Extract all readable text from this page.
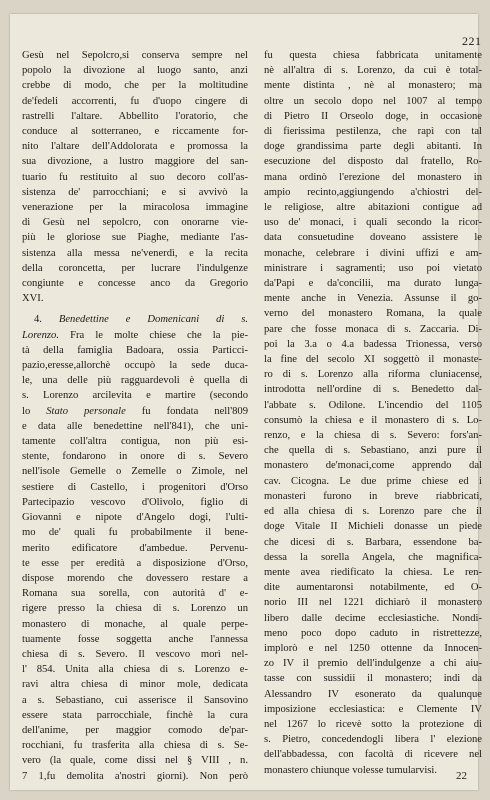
221
Gesù nel Sepolcro,si conserva sempre nel
popolo la divozione al luogo santo, anzi
crebbe di modo, che per la moltitudine
de'fedeli accorrenti, fu d'uopo cingere di
rastrelli l'altare. Abbellito l'oratorio, che
conduce al sotterraneo, e riccamente for-
nito l'altare dell'Addolorata e promossa la
sua divozione, a lustro maggiore del san-
tuario fu restituito al suo decoro coll'as-
sistenza de' parrocchiani; e si avvivò la
venerazione per la miracolosa immagine
di Gesù nel sepolcro, con onorarne vie-
più le gloriose sue Piaghe, mediante l'as-
sistenza alla messa ne'venerdì, e la recita
della coroncetta, per lucrare l'indulgenze
congiunte e concesse anco da Gregorio
XVI.
4. Benedettine e Domenicani di s.
Lorenzo. Fra le molte chiese che la pie-
tà della famiglia Badoara, ossia Particci-
pazio,eresse,allorchè occupò la sede duca-
le, una delle più ragguardevoli è quella di
s. Lorenzo arcilevita e martire (secondo
lo Stato personale fu fondata nell'809
e data alle benedettine nell'841), che uni-
tamente coll'altra contigua, non più esi-
stente, fondarono in onore di s. Severo
nell'isole Gemelle o Zemelle o Zimole, nel
sestiere di Castello, i progenitori d'Orso
Partecipazio vescovo d'Olivolo, figlio di
Giovanni e nipote d'Angelo dogi, l'ulti-
mo de' quali fu probabilmente il bene-
merito edificatore d'ambedue. Pervenu-
te esse per eredità a disposizione d'Orso,
dispose morendo che dovessero restare a
Romana sua sorella, con autorità d' e-
rigere presso la chiesa di s. Lorenzo un
monastero di monache, al quale perpe-
tuamente fosse soggetta anche l'annessa
chiesa di s. Severo. Il vescovo morì nel-
l' 854. Unita alla chiesa di s. Lorenzo e-
ravi altra chiesa di minor mole, dedicata
a s. Sebastiano, cui asserisce il Sansovino
essere stata parrocchiale, finchè la cura
dell'anime, per maggior comodo de'par-
rocchiani, fu trasferita alla chiesa di s. Se-
vero (la quale, come dissi nel § VIII , n.
7 1,fu demolita a'nostri giorni). Non però
fu questa chiesa fabbricata unitamente
nè all'altra di s. Lorenzo, da cui è total-
mente distinta , nè al monastero; ma
oltre un secolo dopo nel 1007 al tempo
di Pietro II Orseolo doge, in occasione
di fierissima pestilenza, che rapì con tal
doge grandissima parte degli abitanti. In
esecuzione del disposto dal fratello, Ro-
mana ordinò l'erezione del monastero in
ampio recinto,aggiungendo a'chiostri del-
le religiose, altre abitazioni contigue ad
uso de' monaci, i quali secondo la ricor-
data consuetudine doveano assistere le
monache, celebrare i divini uffizi e am-
ministrare i sagramenti; uso poi vietato
da'Papi e da'concilii, ma durato lunga-
mente anche in Venezia. Assunse il go-
verno del monastero Romana, la quale
pare che fosse monaca di s. Zaccaria. Di-
poi la 3.a o 4.a badessa Trionessa, verso
la fine del secolo XI soggettò il monaste-
ro di s. Lorenzo alla riforma cluniacense,
introdotta nell'ordine di s. Benedetto dal-
l'abbate s. Odilone. L'incendio del 1105
consumò la chiesa e il monastero di s. Lo-
renzo, e la chiesa di s. Severo: fors'an-
che quella di s. Sebastiano, anzi pure il
monastero de'monaci,come apprendo dal
cav. Cicogna. Le due prime chiese ed i
monasteri furono in breve riabbricati,
ed alla chiesa di s. Lorenzo pare che il
doge Vitale II Michieli donasse un piede
che dicesi di s. Barbara, essendone ba-
dessa la sorella Angela, che magnifica-
mente avea riedificato la chiesa. Le ren-
dite aumentaronsi notabilmente, ed O-
norio III nel 1221 dichiarò il monastero
libero dalle decime ecclesiastiche. Nondi-
meno poco dopo caduto in ristrettezze,
implorò e nel 1250 ottenne da Innocen-
zo IV il premio dell'indulgenze a chi aiu-
tasse con sussidii il monastero; indi da
Alessandro IV esonerato da qualunque
imposizione ecclesiastica: e Clemente IV
nel 1267 lo ricevè sotto la protezione di
s. Pietro, concedendogli libera l' elezione
dell'abbadessa, con facoltà di ricevere nel
monastero chiunque volesse tumularvisi.	22
